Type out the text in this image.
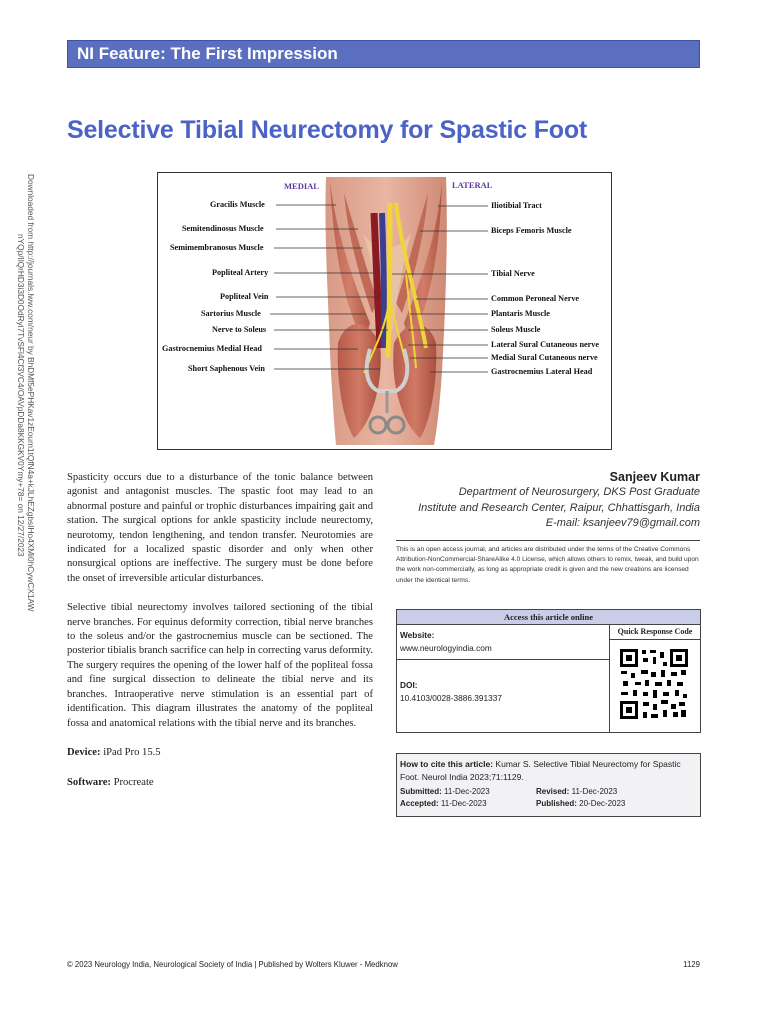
NI Feature: The First Impression
Selective Tibial Neurectomy for Spastic Foot
Downloaded from http://journals.lww.com/neur by BhDMf5ePHKav1zEoum1tQfN4a+kJLhEZgbsIHo4XMi0hCywCX1AW
nYQp/IlQrHD3i3D0OdRyi7TvSFl4Cf3VC4/OAVpDDa8KKGKV0Ymy+78= on 12/27/2023
MEDIAL	LATERAL
Gracilis Muscle
Semitendinosus Muscle
Semimembranosus Muscle
Popliteal Artery
Popliteal Vein
Sartorius Muscle
Nerve to Soleus
Gastrocnemius Medial Head
Short Saphenous Vein
Iliotibial Tract
Biceps Femoris Muscle
Tibial Nerve
Common Peroneal Nerve
Plantaris Muscle
Soleus Muscle
Lateral Sural Cutaneous nerve
Medial Sural Cutaneous nerve
Gastrocnemius Lateral Head

Spasticity occurs due to a disturbance of the tonic balance between agonist and antagonist muscles. The spastic foot may lead to an abnormal posture and painful or trophic disturbances impairing gait and station. The surgical options for ankle spasticity include neurectomy, neurotomy, tendon lengthening, and tendon transfer. Neurotomies are indicated for a localized spastic disorder and only when other nonsurgical options are ineffective. The surgery must be done before the onset of irreversible articular disturbances.

Selective tibial neurectomy involves tailored sectioning of the tibial nerve branches. For equinus deformity correction, tibial nerve branches to the soleus and/or the gastrocnemius muscle can be sectioned. The posterior tibialis branch sacrifice can help in correcting varus deformity. The surgery requires the opening of the lower half of the popliteal fossa and fine surgical dissection to delineate the tibial nerve and its branches. Intraoperative nerve stimulation is an essential part of identification. This diagram illustrates the anatomy of the popliteal fossa and anatomical relations with the tibial nerve and its branches.

Device: iPad Pro 15.5
Software: Procreate
Sanjeev Kumar
Department of Neurosurgery, DKS Post Graduate
Institute and Research Center, Raipur, Chhattisgarh, India
E-mail: ksanjeev79@gmail.com
This is an open access journal, and articles are distributed under the terms of the Creative Commons Attribution-NonCommercial-ShareAlike 4.0 License, which allows others to remix, tweak, and build upon the work non-commercially, as long as appropriate credit is given and the new creations are licensed under the identical terms.
Access this article online
Website:
www.neurologyindia.com
DOI:
10.4103/0028-3886.391337
Quick Response Code
How to cite this article: Kumar S. Selective Tibial Neurectomy for Spastic Foot. Neurol India 2023;71:1129.
Submitted: 11-Dec-2023	Revised: 11-Dec-2023
Accepted: 11-Dec-2023	Published: 20-Dec-2023
© 2023 Neurology India, Neurological Society of India | Published by Wolters Kluwer - Medknow	1129
